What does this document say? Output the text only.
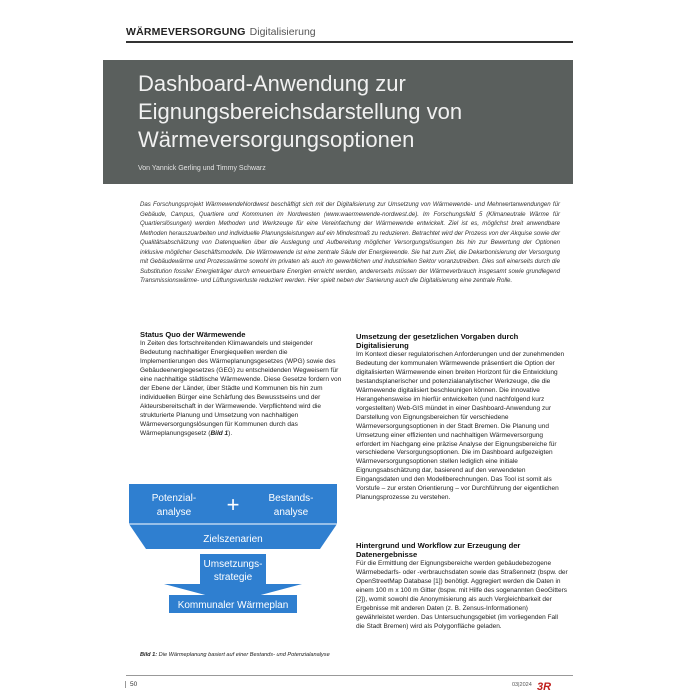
WÄRMEVERSORGUNG Digitalisierung
Dashboard-Anwendung zur Eignungsbereichsdarstellung von Wärmeversorgungsoptionen
Von Yannick Gerling und Timmy Schwarz
Das Forschungsprojekt WärmewendeNordwest beschäftigt sich mit der Digitalisierung zur Umsetzung von Wärmewende- und Mehrwertanwendungen für Gebäude, Campus, Quartiere und Kommunen im Nordwesten (www.waermewende-nordwest.de). Im Forschungsfeld 5 (Klimaneutrale Wärme für Quartierslösungen) werden Methoden und Werkzeuge für eine Vereinfachung der Wärmewende entwickelt. Ziel ist es, möglichst breit anwendbare Methoden herauszuarbeiten und individuelle Planungsleistungen auf ein Mindestmaß zu reduzieren. Betrachtet wird der Prozess von der Akquise sowie der Qualitätsabschätzung von Datenquellen über die Auslegung und Aufbereitung möglicher Versorgungslösungen bis hin zur Bewertung der Optionen inklusive möglicher Geschäftsmodelle. Die Wärmewende ist eine zentrale Säule der Energiewende. Sie hat zum Ziel, die Dekarbonisierung der Versorgung mit Gebäudewärme und Prozesswärme sowohl im privaten als auch im gewerblichen und industriellen Sektor voranzutreiben. Dies soll einerseits durch die Substitution fossiler Energieträger durch erneuerbare Energien erreicht werden, andererseits müssen der Wärmeverbrauch insgesamt sowie grundlegend Transmissionswärme- und Lüftungsverluste reduziert werden. Hier spielt neben der Sanierung auch die Digitalisierung eine zentrale Rolle.
Status Quo der Wärmewende

In Zeiten des fortschreitenden Klimawandels und steigender Bedeutung nachhaltiger Energiequellen werden die Implementierungen des Wärmeplanungsgesetzes (WPG) sowie des Gebäudeenergiegesetzes (GEG) zu entscheidenden Wegweisern für eine nachhaltige städtische Wärmewende. Diese Gesetze fordern von der Ebene der Länder, über Städte und Kommunen bis hin zum individuellen Bürger eine Schärfung des Bewusstseins und der Akteursbereitschaft in der Wärmewende. Verpflichtend wird die strukturierte Planung und Umsetzung von nachhaltigen Wärmeversorgungslösungen für Kommunen durch das Wärmeplanungsgesetz (Bild 1).

Potenzial-
analyse +	Bestands-
analyse
Zielszenarien
Umsetzungs-
strategie
Kommunaler Wärmeplan
Bild 1: Die Wärmeplanung basiert auf einer Bestands- und Potenzialanalyse
Umsetzung der gesetzlichen Vorgaben durch Digitalisierung

Im Kontext dieser regulatorischen Anforderungen und der zunehmenden Bedeutung der kommunalen Wärmewende präsentiert die Option der digitalisierten Wärmewende einen breiten Horizont für die Entwicklung bestandsplanerischer und potenzialanalytischer Werkzeuge, die die Wärmewende digitalisiert beschleunigen können. Die innovative Herangehensweise im hierfür entwickelten (und nachfolgend kurz vorgestellten) Web-GIS mündet in einer Dashboard-Anwendung zur Darstellung von Eignungsbereichen für verschiedene Wärmeversorgungsoptionen in der Stadt Bremen. Die Planung und Umsetzung einer effizienten und nachhaltigen Wärmeversorgung erfordert im Nachgang eine präzise Analyse der Eignungsbereiche für verschiedene Versorgungsoptionen. Die im Dashboard aufgezeigten Wärmeversorgungsoptionen stellen lediglich eine initiale Eignungsabschätzung dar, basierend auf den verwendeten Eingangsdaten und den Modellberechnungen. Das Tool ist somit als Vorstufe – zur ersten Orientierung – vor Durchführung der eigentlichen Planungsprozesse zu verstehen.

Hintergrund und Workflow zur Erzeugung der Datenergebnisse

Für die Ermittlung der Eignungsbereiche werden gebäudebezogene Wärmebedarfs- oder -verbrauchsdaten sowie das Straßennetz (bspw. der OpenStreetMap Database [1]) benötigt. Aggregiert werden die Daten in einem 100 m x 100 m Gitter (bspw. mit Hilfe des sogenannten GeoGitters [2]), womit sowohl die Anonymisierung als auch Vergleichbarkeit der Ergebnisse mit anderen Daten (z. B. Zensus-Informationen) gewährleistet werden. Das Untersuchungsgebiet (im vorliegenden Fall die Stadt Bremen) wird als Polygonfläche geladen.

50	03|2024 3R
